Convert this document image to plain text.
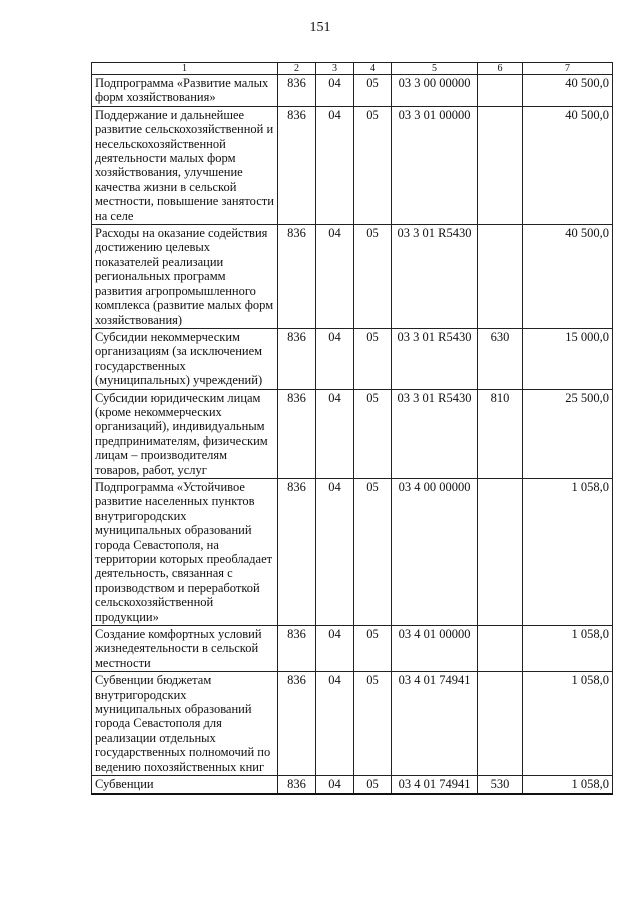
151
1	2	3	4	5	6	7
Подпрограмма «Развитие малых форм хозяйствования»	836	04	05	03 3 00 00000		40 500,0
Поддержание и дальнейшее развитие сельскохозяйственной и несельскохозяйственной деятельности малых форм хозяйствования, улучшение качества жизни в сельской местности, повышение занятости на селе	836	04	05	03 3 01 00000		40 500,0
Расходы на оказание содействия достижению целевых показателей реализации региональных программ развития агропромышленного комплекса (развитие малых форм хозяйствования)	836	04	05	03 3 01 R5430		40 500,0
Субсидии некоммерческим организациям (за исключением государственных (муниципальных) учреждений)	836	04	05	03 3 01 R5430	630	15 000,0
Субсидии юридическим лицам (кроме некоммерческих организаций), индивидуальным предпринимателям, физическим лицам – производителям товаров, работ, услуг	836	04	05	03 3 01 R5430	810	25 500,0
Подпрограмма «Устойчивое развитие населенных пунктов внутригородских муниципальных образований города Севастополя, на территории которых преобладает деятельность, связанная с производством и переработкой сельскохозяйственной продукции»	836	04	05	03 4 00 00000		1 058,0
Создание комфортных условий жизнедеятельности в сельской местности	836	04	05	03 4 01 00000		1 058,0
Субвенции бюджетам внутригородских муниципальных образований города Севастополя для реализации отдельных государственных полномочий по ведению похозяйственных книг	836	04	05	03 4 01 74941		1 058,0
Субвенции	836	04	05	03 4 01 74941	530	1 058,0
